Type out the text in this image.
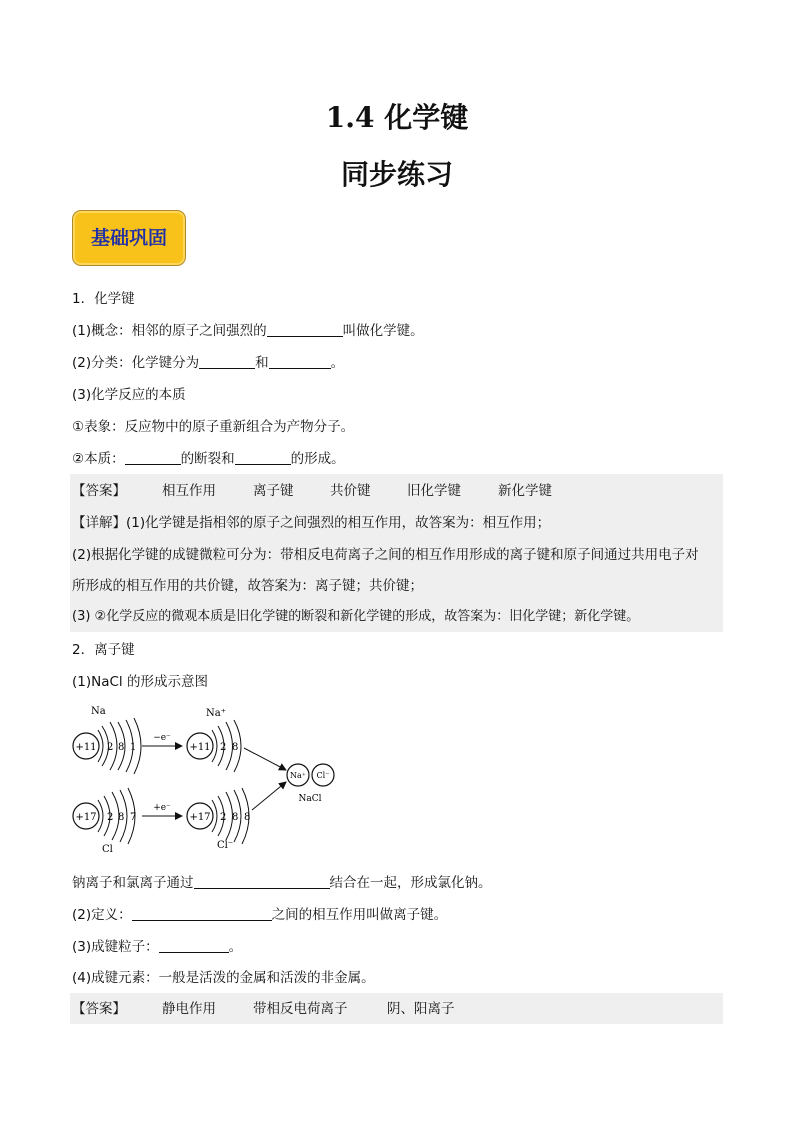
1.4 化学键
同步练习
基础巩固
1．化学键
(1)概念：相邻的原子之间强烈的	叫做化学键。
(2)分类：化学键分为	和	。
(3)化学反应的本质
①表象：反应物中的原子重新组合为产物分子。
②本质：	的断裂和	的形成。
【答案】	相互作用	离子键	共价键	旧化学键	新化学键
【详解】(1)化学键是指相邻的原子之间强烈的相互作用，故答案为：相互作用；
(2)根据化学键的成键微粒可分为：带相反电荷离子之间的相互作用形成的离子键和原子间通过共用电子对
所形成的相互作用的共价键，故答案为：离子键；共价键；
(3) ②化学反应的微观本质是旧化学键的断裂和新化学键的形成，故答案为：旧化学键；新化学键。
2．离子键
(1)NaCl 的形成示意图
Na
+11 2 8 1
−e⁻
Na⁺
+11 2 8
Na⁺ Cl⁻
NaCl
+17 2 8 7
Cl
+e⁻
+17 2 8 8
Cl⁻
钠离子和氯离子通过	结合在一起，形成氯化钠。
(2)定义：	之间的相互作用叫做离子键。
(3)成键粒子：	。
(4)成键元素：一般是活泼的金属和活泼的非金属。
【答案】	静电作用	带相反电荷离子	阴、阳离子
